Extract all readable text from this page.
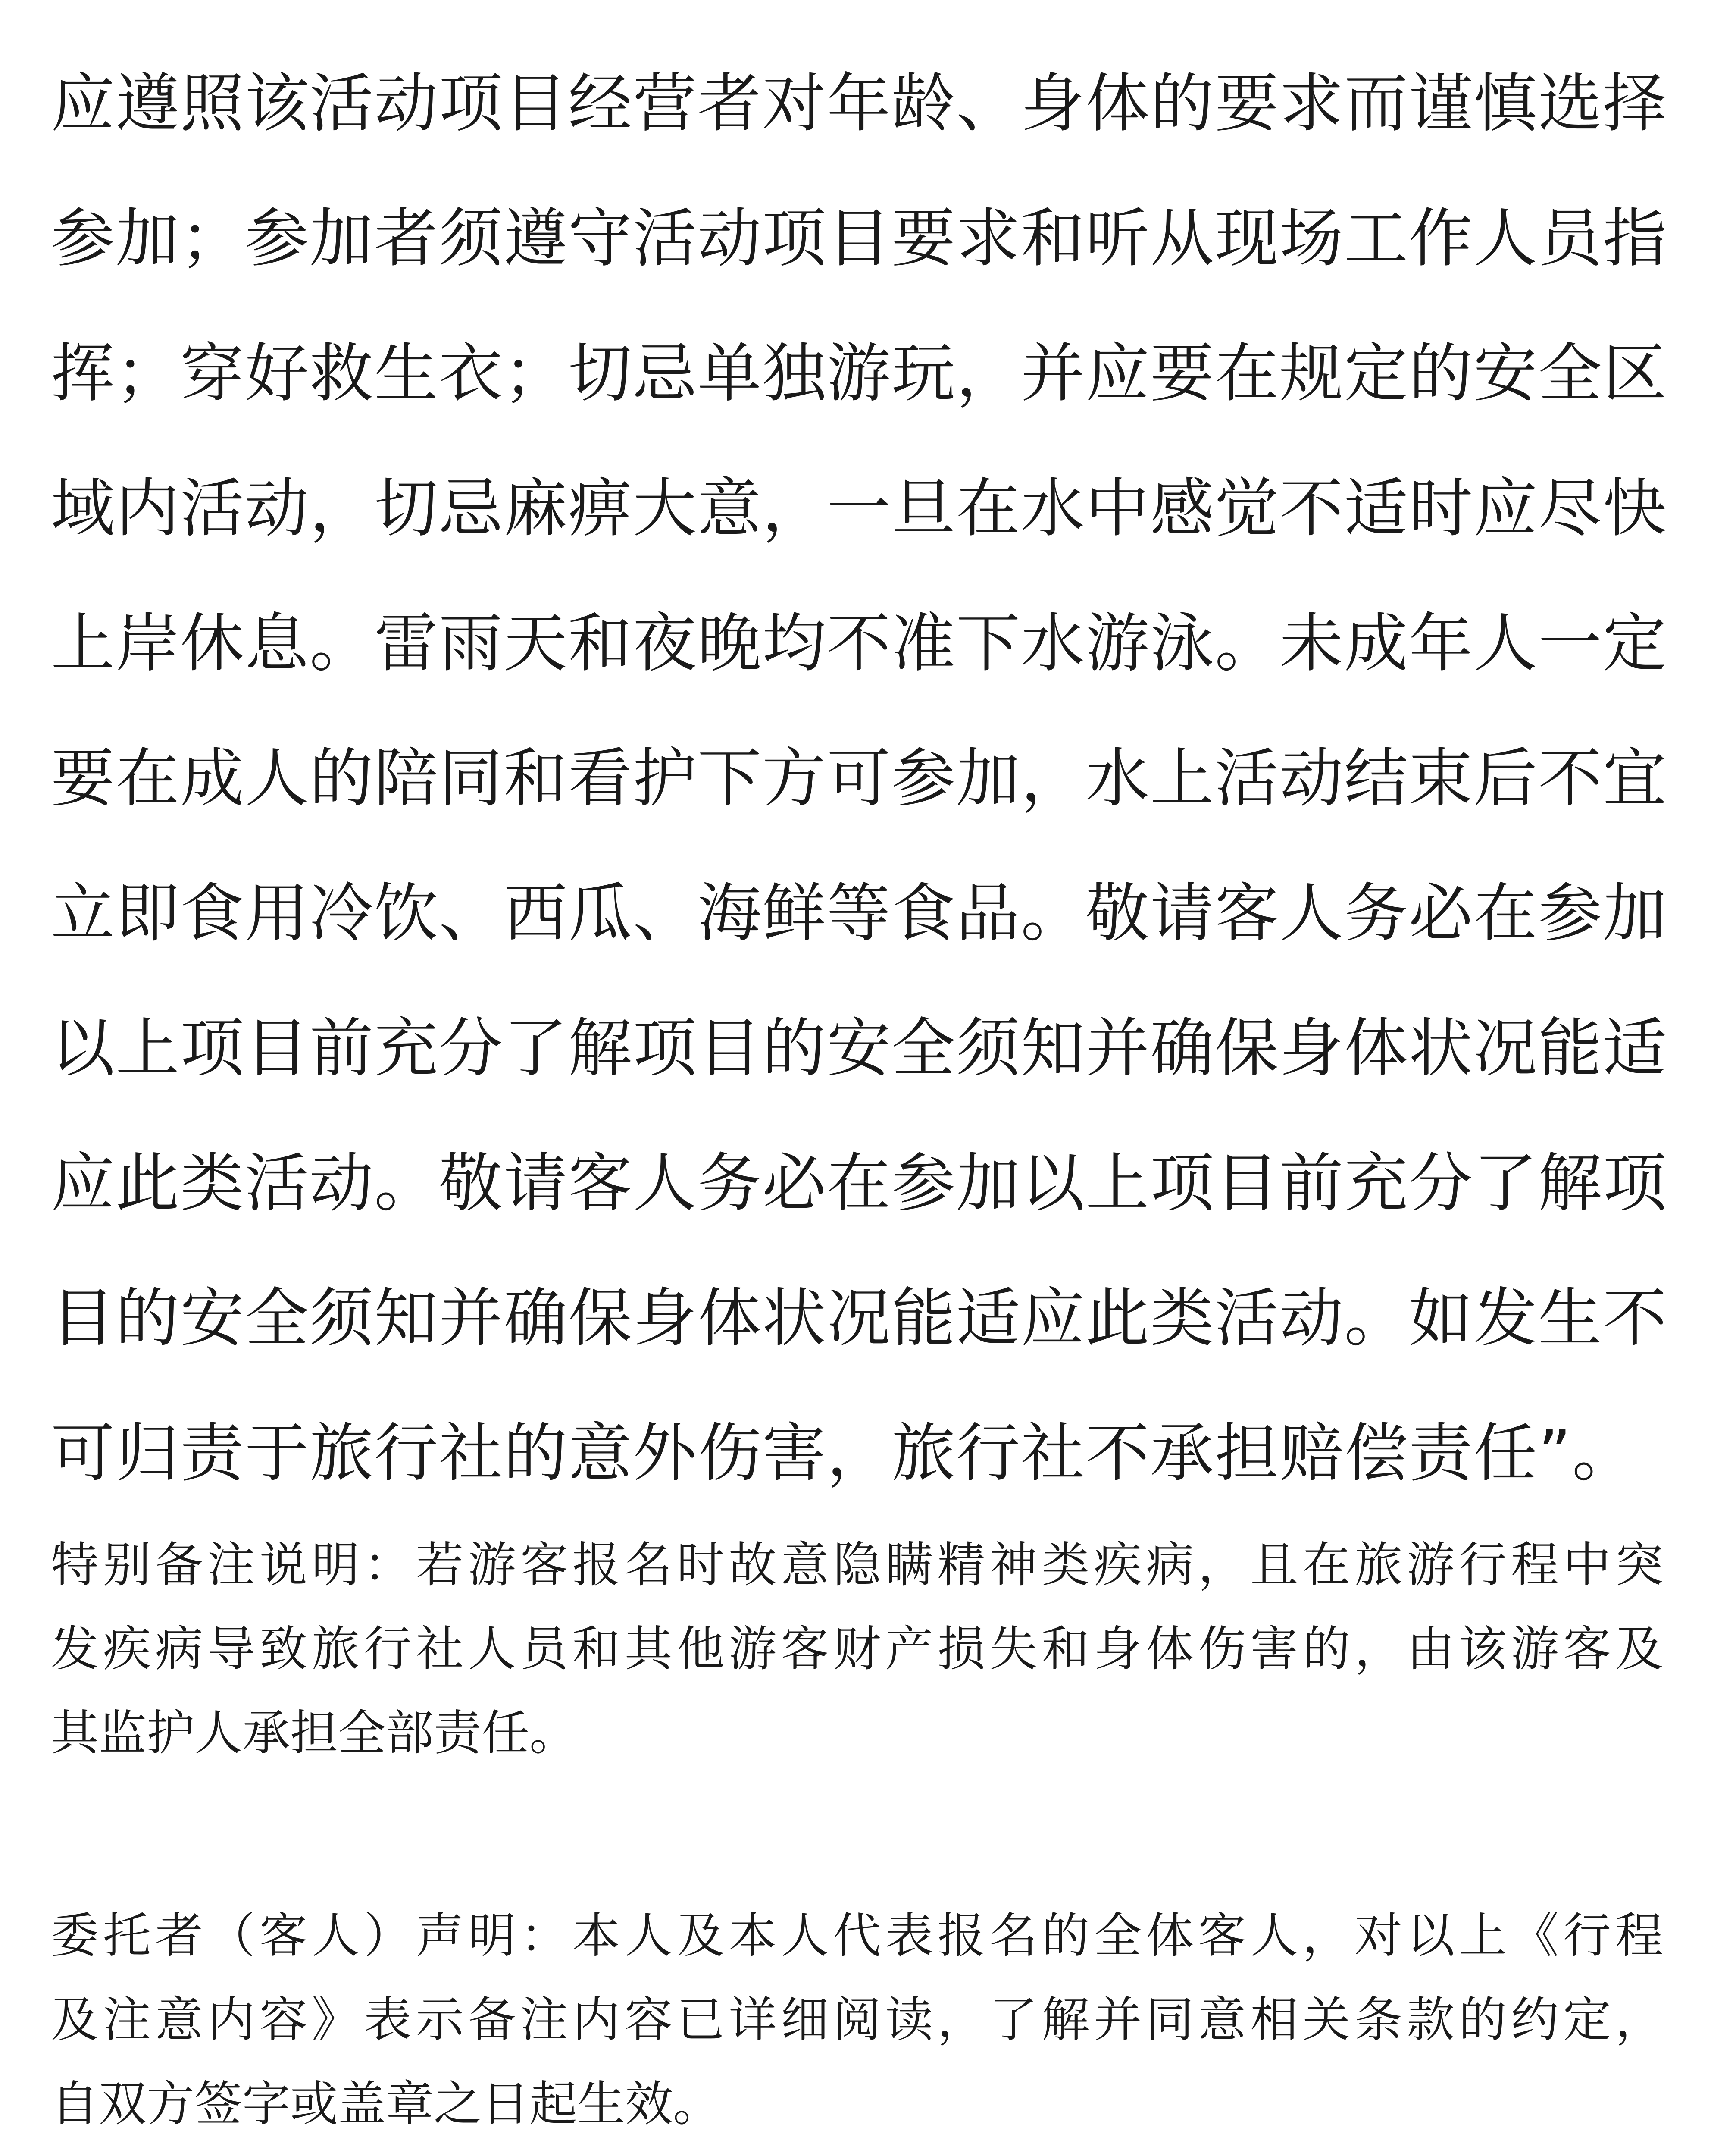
应遵照该活动项目经营者对年龄、身体的要求而谨慎选择
参加；参加者须遵守活动项目要求和听从现场工作人员指
挥；穿好救生衣；切忌单独游玩，并应要在规定的安全区
域内活动，切忌麻痹大意，一旦在水中感觉不适时应尽快
上岸休息。雷雨天和夜晚均不准下水游泳。未成年人一定
要在成人的陪同和看护下方可参加，水上活动结束后不宜
立即食用冷饮、西瓜、海鲜等食品。敬请客人务必在参加
以上项目前充分了解项目的安全须知并确保身体状况能适
应此类活动。敬请客人务必在参加以上项目前充分了解项
目的安全须知并确保身体状况能适应此类活动。如发生不
可归责于旅行社的意外伤害，旅行社不承担赔偿责任”。
特别备注说明：若游客报名时故意隐瞒精神类疾病，且在旅游行程中突
发疾病导致旅行社人员和其他游客财产损失和身体伤害的，由该游客及
其监护人承担全部责任。
委托者（客人）声明：本人及本人代表报名的全体客人，对以上《行程
及注意内容》表示备注内容已详细阅读，了解并同意相关条款的约定，
自双方签字或盖章之日起生效。
